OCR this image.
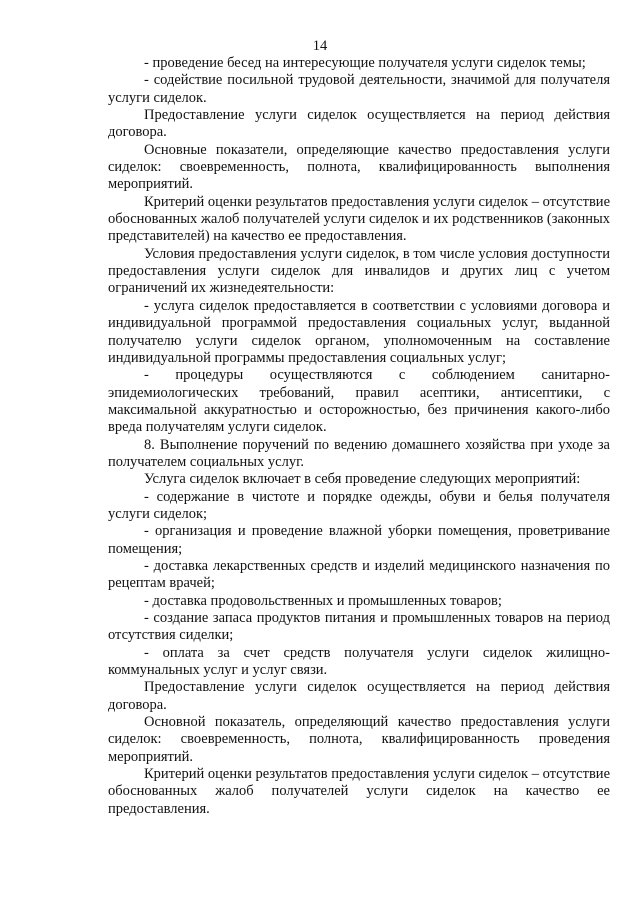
14

- проведение бесед на интересующие получателя услуги сиделок темы;

- содействие посильной трудовой деятельности, значимой для получателя услуги сиделок.

Предоставление услуги сиделок осуществляется на период действия договора.

Основные показатели, определяющие качество предоставления услуги сиделок: своевременность, полнота, квалифицированность выполнения мероприятий.

Критерий оценки результатов предоставления услуги сиделок – отсутствие обоснованных жалоб получателей услуги сиделок и их родственников (законных представителей) на качество ее предоставления.

Условия предоставления услуги сиделок, в том числе условия доступности предоставления услуги сиделок для инвалидов и других лиц с учетом ограничений их жизнедеятельности:

- услуга сиделок предоставляется в соответствии с условиями договора и индивидуальной программой предоставления социальных услуг, выданной получателю услуги сиделок органом, уполномоченным на составление индивидуальной программы предоставления социальных услуг;

- процедуры осуществляются с соблюдением санитарно-эпидемиологических требований, правил асептики, антисептики, с максимальной аккуратностью и осторожностью, без причинения какого-либо вреда получателям услуги сиделок.

8. Выполнение поручений по ведению домашнего хозяйства при уходе за получателем социальных услуг.

Услуга сиделок включает в себя проведение следующих мероприятий:

- содержание в чистоте и порядке одежды, обуви и белья получателя услуги сиделок;

- организация и проведение влажной уборки помещения, проветривание помещения;

- доставка лекарственных средств и изделий медицинского назначения по рецептам врачей;

- доставка продовольственных и промышленных товаров;

- создание запаса продуктов питания и промышленных товаров на период отсутствия сиделки;

- оплата за счет средств получателя услуги сиделок жилищно-коммунальных услуг и услуг связи.

Предоставление услуги сиделок осуществляется на период действия договора.

Основной показатель, определяющий качество предоставления услуги сиделок: своевременность, полнота, квалифицированность проведения мероприятий.

Критерий оценки результатов предоставления услуги сиделок – отсутствие обоснованных жалоб получателей услуги сиделок на качество ее предоставления.
